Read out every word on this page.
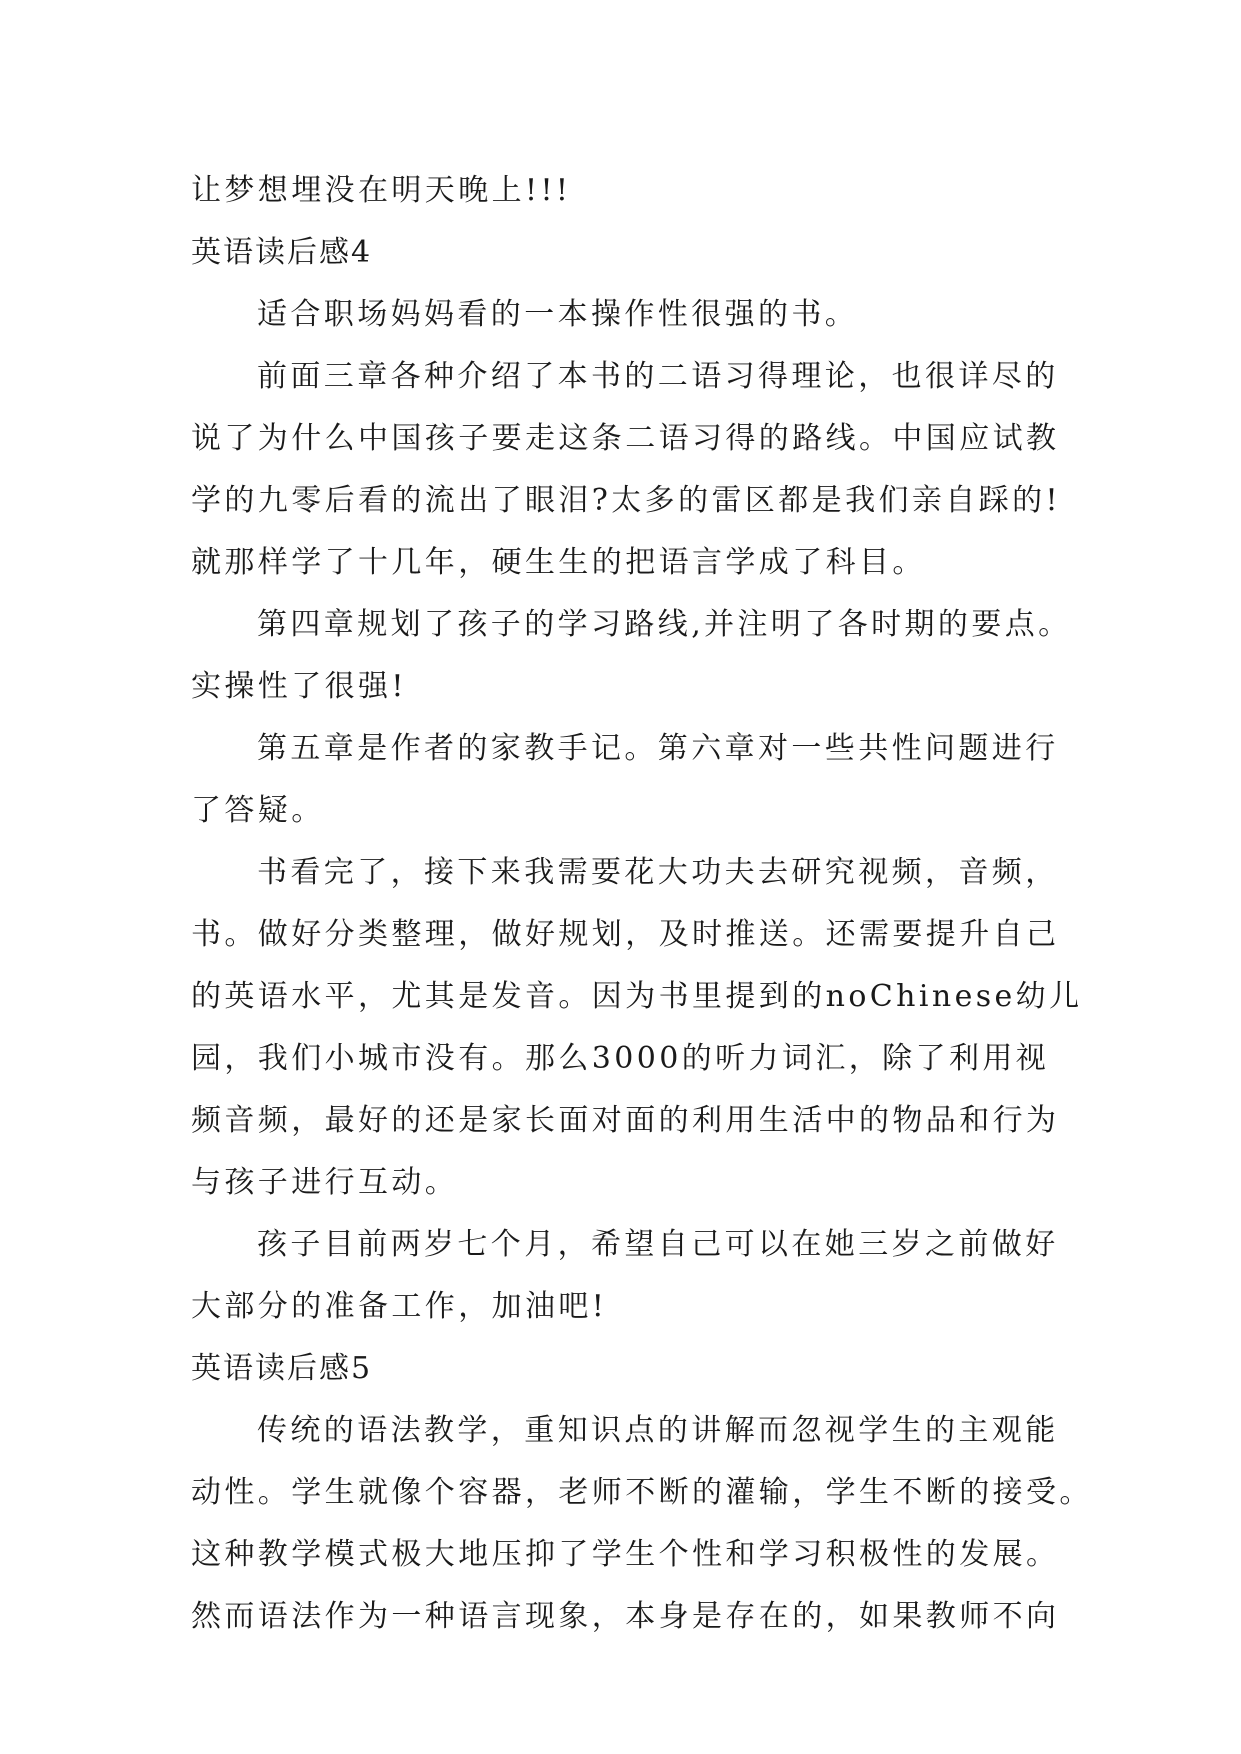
让梦想埋没在明天晚上!!!
英语读后感4
适合职场妈妈看的一本操作性很强的书。
前面三章各种介绍了本书的二语习得理论，也很详尽的
说了为什么中国孩子要走这条二语习得的路线。中国应试教
学的九零后看的流出了眼泪?太多的雷区都是我们亲自踩的!
就那样学了十几年，硬生生的把语言学成了科目。
第四章规划了孩子的学习路线,并注明了各时期的要点。
实操性了很强!
第五章是作者的家教手记。第六章对一些共性问题进行
了答疑。
书看完了，接下来我需要花大功夫去研究视频，音频，
书。做好分类整理，做好规划，及时推送。还需要提升自己
的英语水平，尤其是发音。因为书里提到的noChinese幼儿
园，我们小城市没有。那么3000的听力词汇，除了利用视
频音频，最好的还是家长面对面的利用生活中的物品和行为
与孩子进行互动。
孩子目前两岁七个月，希望自己可以在她三岁之前做好
大部分的准备工作，加油吧!
英语读后感5
传统的语法教学，重知识点的讲解而忽视学生的主观能
动性。学生就像个容器，老师不断的灌输，学生不断的接受。
这种教学模式极大地压抑了学生个性和学习积极性的发展。
然而语法作为一种语言现象，本身是存在的，如果教师不向
